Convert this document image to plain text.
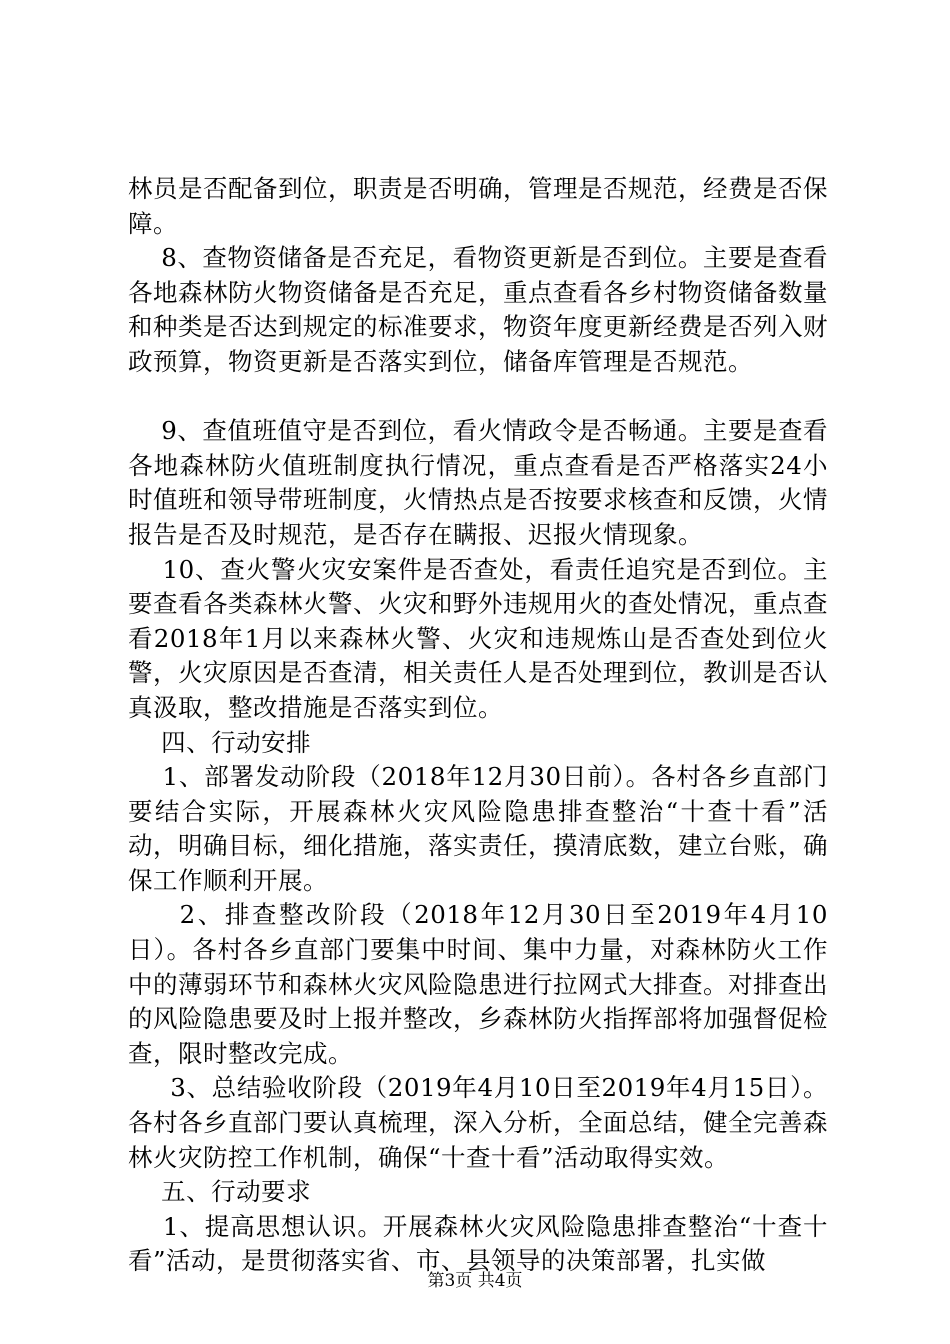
林员是否配备到位，职责是否明确，管理是否规范，经费是否保障。

8、查物资储备是否充足，看物资更新是否到位。主要是查看各地森林防火物资储备是否充足，重点查看各乡村物资储备数量和种类是否达到规定的标准要求，物资年度更新经费是否列入财政预算，物资更新是否落实到位，储备库管理是否规范。

9、查值班值守是否到位，看火情政令是否畅通。主要是查看各地森林防火值班制度执行情况，重点查看是否严格落实24小时值班和领导带班制度，火情热点是否按要求核查和反馈，火情报告是否及时规范，是否存在瞒报、迟报火情现象。

10、查火警火灾安案件是否查处，看责任追究是否到位。主要查看各类森林火警、火灾和野外违规用火的查处情况，重点查看2018年1月以来森林火警、火灾和违规炼山是否查处到位火警，火灾原因是否查清，相关责任人是否处理到位，教训是否认真汲取，整改措施是否落实到位。

四、行动安排

1、部署发动阶段（2018年12月30日前）。各村各乡直部门要结合实际，开展森林火灾风险隐患排查整治“十查十看”活动，明确目标，细化措施，落实责任，摸清底数，建立台账，确保工作顺利开展。

2、排查整改阶段（2018年12月30日至2019年4月10日）。各村各乡直部门要集中时间、集中力量，对森林防火工作中的薄弱环节和森林火灾风险隐患进行拉网式大排查。对排查出的风险隐患要及时上报并整改，乡森林防火指挥部将加强督促检查，限时整改完成。

3、总结验收阶段（2019年4月10日至2019年4月15日）。各村各乡直部门要认真梳理，深入分析，全面总结，健全完善森林火灾防控工作机制，确保“十查十看”活动取得实效。

五、行动要求

1、提高思想认识。开展森林火灾风险隐患排查整治“十查十看”活动，是贯彻落实省、市、县领导的决策部署，扎实做

第3页 共4页
